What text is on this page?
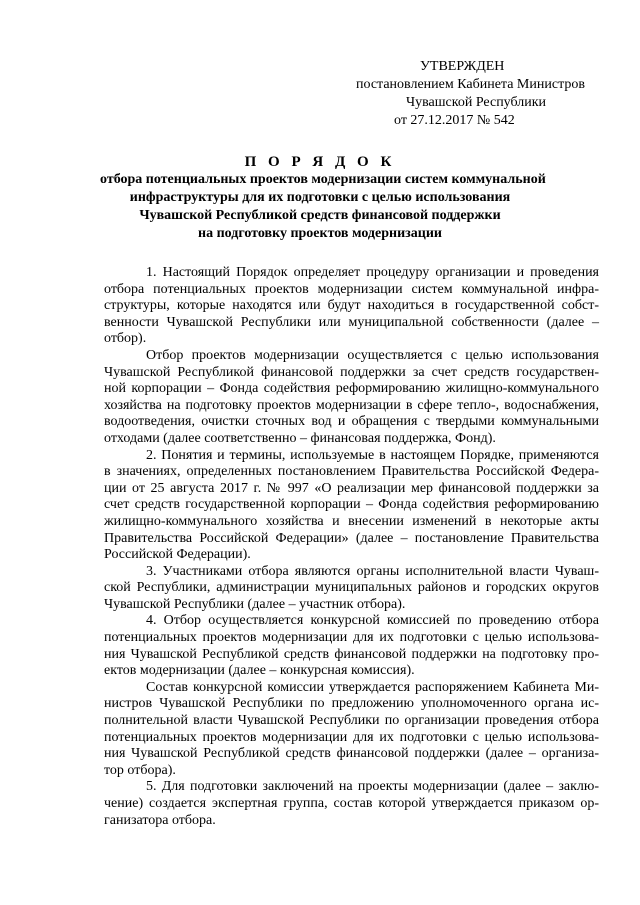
УТВЕРЖДЕН
постановлением Кабинета Министров
Чувашской Республики
от 27.12.2017 № 542
П О Р Я Д О К
отбора потенциальных проектов модернизации систем коммунальной
инфраструктуры для их подготовки с целью использования
Чувашской Республикой средств финансовой поддержки
на подготовку проектов модернизации

1. Настоящий Порядок определяет процедуру организации и проведения
отбора потенциальных проектов модернизации систем коммунальной инфра-
структуры, которые находятся или будут находиться в государственной собст-
венности Чувашской Республики или муниципальной собственности (далее –
отбор).

Отбор проектов модернизации осуществляется с целью использования
Чувашской Республикой финансовой поддержки за счет средств государствен-
ной корпорации – Фонда содействия реформированию жилищно-коммунального
хозяйства на подготовку проектов модернизации в сфере тепло-, водоснабжения,
водоотведения, очистки сточных вод и обращения с твердыми коммунальными
отходами (далее соответственно – финансовая поддержка, Фонд).

2. Понятия и термины, используемые в настоящем Порядке, применяются
в значениях, определенных постановлением Правительства Российской Федера-
ции от 25 августа 2017 г. № 997 «О реализации мер финансовой поддержки за
счет средств государственной корпорации – Фонда содействия реформированию
жилищно-коммунального хозяйства и внесении изменений в некоторые акты
Правительства Российской Федерации» (далее – постановление Правительства
Российской Федерации).

3. Участниками отбора являются органы исполнительной власти Чуваш-
ской Республики, администрации муниципальных районов и городских округов
Чувашской Республики (далее – участник отбора).

4. Отбор осуществляется конкурсной комиссией по проведению отбора
потенциальных проектов модернизации для их подготовки с целью использова-
ния Чувашской Республикой средств финансовой поддержки на подготовку про-
ектов модернизации (далее – конкурсная комиссия).

Состав конкурсной комиссии утверждается распоряжением Кабинета Ми-
нистров Чувашской Республики по предложению уполномоченного органа ис-
полнительной власти Чувашской Республики по организации проведения отбора
потенциальных проектов модернизации для их подготовки с целью использова-
ния Чувашской Республикой средств финансовой поддержки (далее – организа-
тор отбора).

5. Для подготовки заключений на проекты модернизации (далее – заклю-
чение) создается экспертная группа, состав которой утверждается приказом ор-
ганизатора отбора.
